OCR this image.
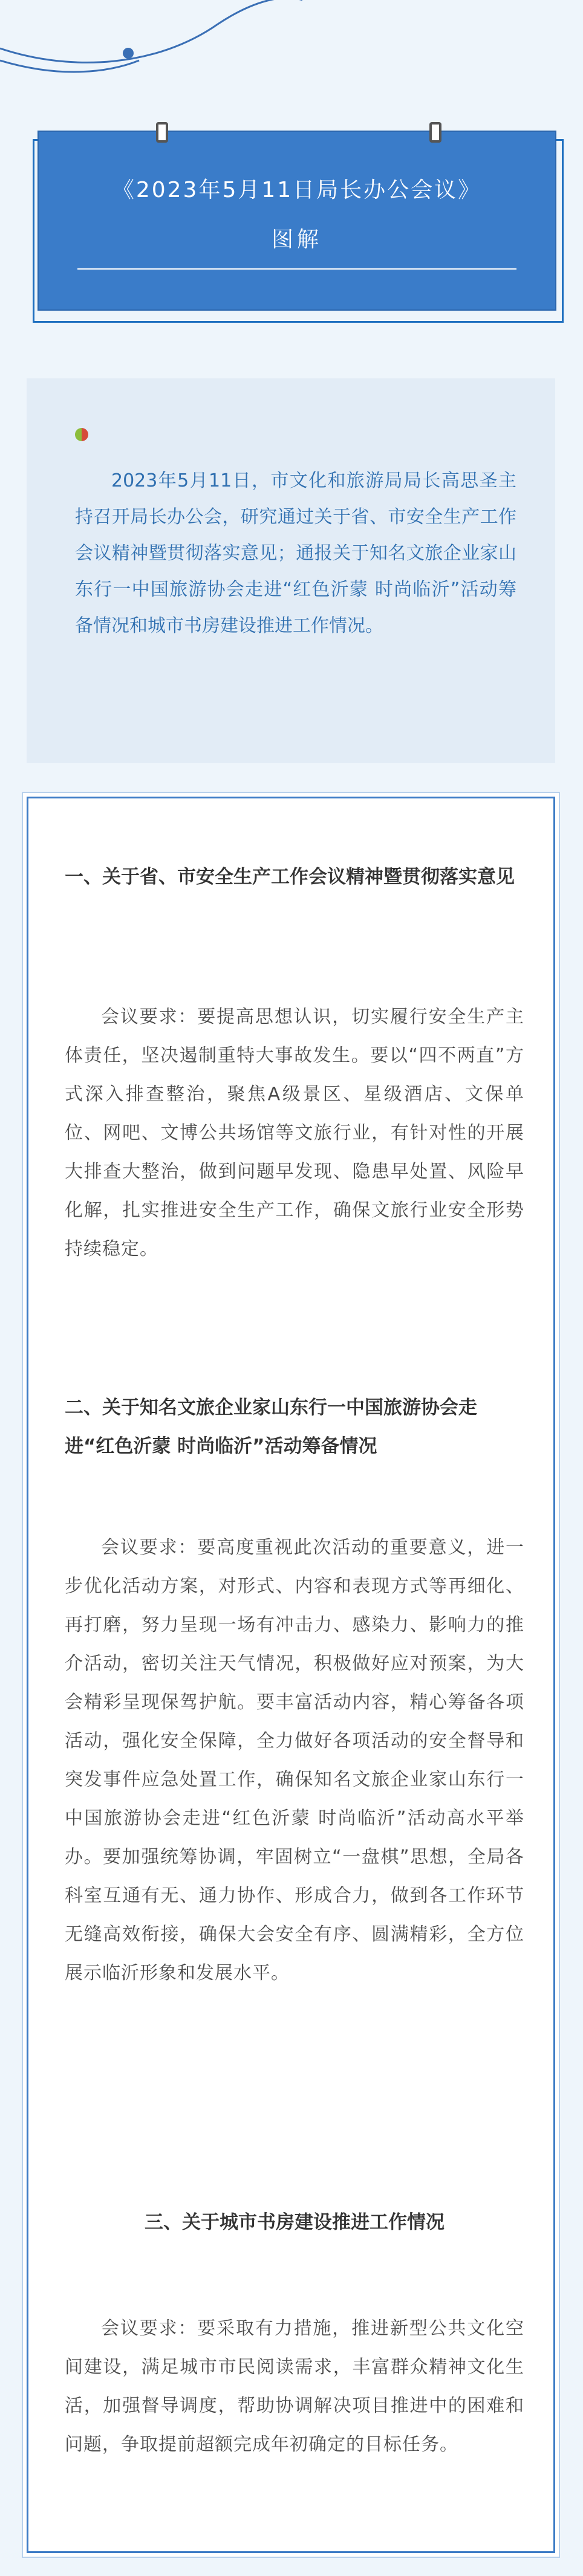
《2023年5月11日局长办公会议》
图解

2023年5月11日，市文化和旅游局局长高思圣主持召开局长办公会，研究通过关于省、市安全生产工作会议精神暨贯彻落实意见；通报关于知名文旅企业家山东行一中国旅游协会走进“红色沂蒙 时尚临沂”活动筹备情况和城市书房建设推进工作情况。

一、关于省、市安全生产工作会议精神暨贯彻落实意见

会议要求：要提高思想认识，切实履行安全生产主体责任，坚决遏制重特大事故发生。要以“四不两直”方式深入排查整治，聚焦A级景区、星级酒店、文保单位、网吧、文博公共场馆等文旅行业，有针对性的开展大排查大整治，做到问题早发现、隐患早处置、风险早化解，扎实推进安全生产工作，确保文旅行业安全形势持续稳定。

二、关于知名文旅企业家山东行一中国旅游协会走进“红色沂蒙 时尚临沂”活动筹备情况

会议要求：要高度重视此次活动的重要意义，进一步优化活动方案，对形式、内容和表现方式等再细化、再打磨，努力呈现一场有冲击力、感染力、影响力的推介活动，密切关注天气情况，积极做好应对预案，为大会精彩呈现保驾护航。要丰富活动内容，精心筹备各项活动，强化安全保障，全力做好各项活动的安全督导和突发事件应急处置工作，确保知名文旅企业家山东行一中国旅游协会走进“红色沂蒙 时尚临沂”活动高水平举办。要加强统筹协调，牢固树立“一盘棋”思想，全局各科室互通有无、通力协作、形成合力，做到各工作环节无缝高效衔接，确保大会安全有序、圆满精彩，全方位展示临沂形象和发展水平。

三、关于城市书房建设推进工作情况

会议要求：要采取有力措施，推进新型公共文化空间建设，满足城市市民阅读需求，丰富群众精神文化生活，加强督导调度，帮助协调解决项目推进中的困难和问题，争取提前超额完成年初确定的目标任务。
